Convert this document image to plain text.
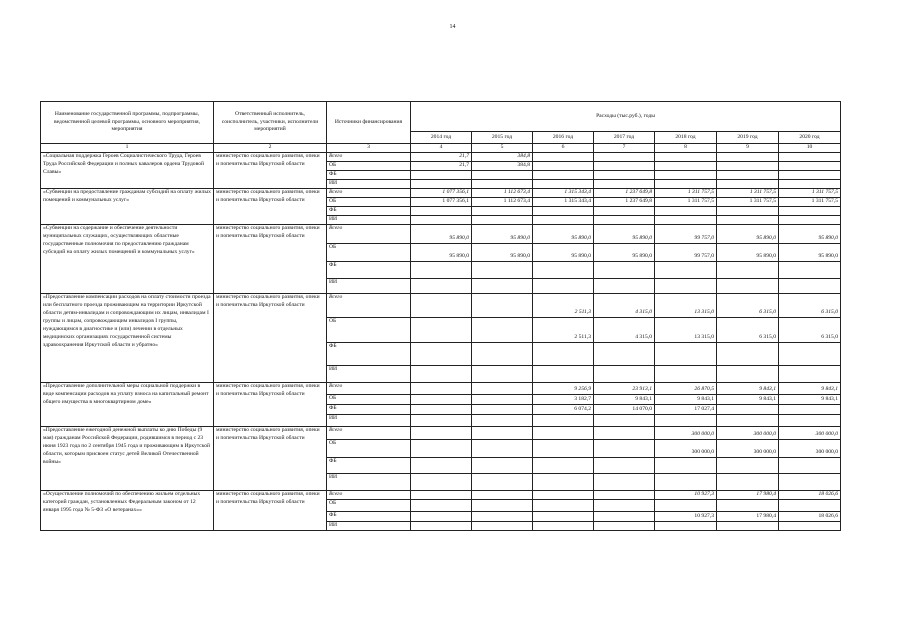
14
Наименование государственной программы, подпрограммы, ведомственной целевой программы, основного мероприятия, мероприятия	Ответственный исполнитель, соисполнитель, участники, исполнители мероприятий	Источники финансирования	Расходы (тыс.руб.), годы						
			2014 год	2015 год	2016 год	2017 год	2018 год	2019 год	2020 год
1	2	3	4	5	6	7	8	9	10
«Социальная поддержка Героев Социалистического Труда, Героев Труда Российской Федерации и полных кавалеров ордена Трудовой Славы»	министерство социального развития, опеки и попечительства Иркутской области	Всего	21,7	384,8					
		ОБ	21,7	384,8					
		ФБ							
		ИИ							
«Субвенции на предоставление гражданам субсидий на оплату жилых помещений и коммунальных услуг»	министерство социального развития, опеки и попечительства Иркутской области	Всего	1 077 356,1	1 112 673,4	1 315 343,4	1 237 649,8	1 311 757,5	1 311 757,5	1 311 757,5
		ОБ	1 077 356,1	1 112 673,4	1 315 343,4	1 237 649,8	1 311 757,5	1 311 757,5	1 311 757,5
		ФБ							
		ИИ							
«Субвенции на содержание и обеспечение деятельности муниципальных служащих, осуществляющих областные государственные полномочия по предоставлению гражданам субсидий на оплату жилых помещений и коммунальных услуг»	министерство социального развития, опеки и попечительства Иркутской области	Всего	95 890,0	95 890,0	95 890,0	95 890,0	99 757,0	95 890,0	95 890,0
		ОБ	95 890,0	95 890,0	95 890,0	95 890,0	99 757,0	95 890,0	95 890,0
		ФБ							
		ИИ							
«Предоставление компенсации расходов на оплату стоимости проезда или бесплатного проезда проживающим на территории Иркутской области детям-инвалидам и сопровождающим их лицам, инвалидам I группы и лицам, сопровождающим инвалидов I группы, нуждающимся в диагностике и (или) лечении в отдельных медицинских организациях государственной системы здравоохранения Иркутской области и убратно»	министерство социального развития, опеки и попечительства Иркутской области	Всего			2 511,3	4 315,0	13 315,0	6 315,0	6 315,0
		ОБ			2 511,3	4 315,0	13 315,0	6 315,0	6 315,0
		ФБ							
		ИИ							
«Предоставление дополнительной меры социальной поддержки в виде компенсации расходов на уплату взноса на капитальный ремонт общего имущества в многоквартирном доме»	министерство социального развития, опеки и попечительства Иркутской области	Всего			9 256,9	23 913,1	26 870,5	9 843,1	9 843,1
		ОБ			3 182,7	9 843,1	9 843,1	9 843,1	9 843,1
		ФБ			6 074,2	14 070,0	17 027,4		
		ИИ							
«Предоставление ежегодной денежной выплаты ко дню Победы (9 мая) гражданам Российской Федерации, родившимся в период с 23 июня 1923 года по 2 сентября 1945 года и проживающим в Иркутской области, которым присвоен статус детей Великой Отечественной войны»	министерство социального развития, опеки и попечительства Иркутской области	Всего					300 000,0	300 000,0	300 000,0
		ОБ					300 000,0	300 000,0	300 000,0
		ФБ							
		ИИ							
«Осуществление полномочий по обеспечению жильем отдельных категорий граждан, установленных Федеральным законом от 12 января 1995 года № 5-ФЗ «О ветеранах»»	министерство социального развития, опеки и попечительства Иркутской области	Всего					10 927,3	17 980,4	18 026,6
		ОБ							
		ФБ					10 927,3	17 980,4	18 026,6
		ИИ							
